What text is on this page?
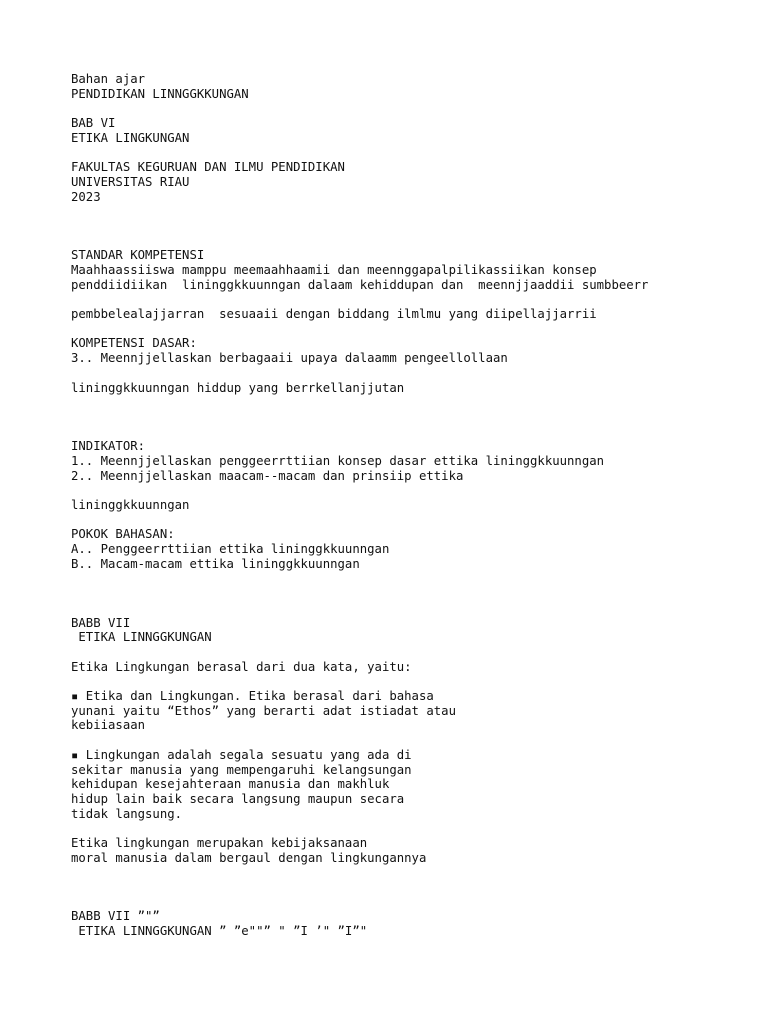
Bahan ajar
PENDIDIKAN LINNGGKKUNGAN
BAB VI
ETIKA LINGKUNGAN
FAKULTAS KEGURUAN DAN ILMU PENDIDIKAN
UNIVERSITAS RIAU
2023
STANDAR KOMPETENSI
Maahhaassiiswa mamppu meemaahhaamii dan meennggapalpilikassiikan konsep
penddiidiikan  lininggkkuunngan dalaam kehiddupan dan  meennjjaaddii sumbbeerr
pembbelealajjarran  sesuaaii dengan biddang ilmlmu yang diipellajjarrii
KOMPETENSI DASAR:
3.. Meennjjellaskan berbagaaii upaya dalaamm pengeellollaan
lininggkkuunngan hiddup yang berrkellanjjutan
INDIKATOR:
1.. Meennjjellaskan penggeerrttiian konsep dasar ettika lininggkkuunngan
2.. Meennjjellaskan maacam--macam dan prinsiip ettika
lininggkkuunngan
POKOK BAHASAN:
A.. Penggeerrttiian ettika lininggkkuunngan
B.. Macam-macam ettika lininggkkuunngan
BABB VII
ETIKA LINNGGKUNGAN
Etika Lingkungan berasal dari dua kata, yaitu:
▪ Etika dan Lingkungan. Etika berasal dari bahasa
yunani yaitu “Ethos” yang berarti adat istiadat atau
kebiiasaan
▪ Lingkungan adalah segala sesuatu yang ada di
sekitar manusia yang mempengaruhi kelangsungan
kehidupan kesejahteraan manusia dan makhluk
hidup lain baik secara langsung maupun secara
tidak langsung.
Etika lingkungan merupakan kebijaksanaan
moral manusia dalam bergaul dengan lingkungannya
BABB VII ”"”
ETIKA LINNGGKUNGAN ” ”e""” " ”I ’" ”I”"
